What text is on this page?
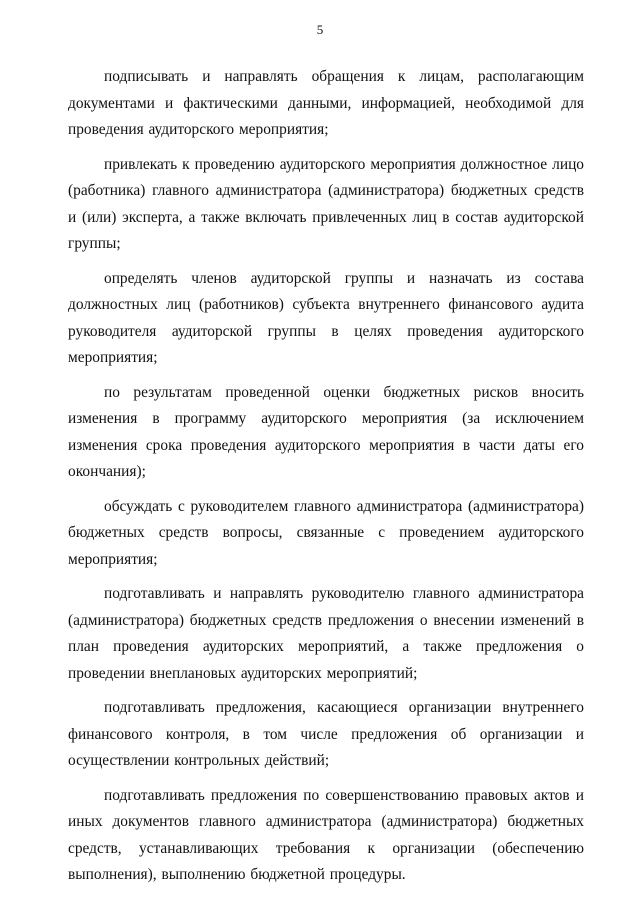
5

подписывать и направлять обращения к лицам, располагающим документами и фактическими данными, информацией, необходимой для проведения аудиторского мероприятия;

привлекать к проведению аудиторского мероприятия должностное лицо (работника) главного администратора (администратора) бюджетных средств и (или) эксперта, а также включать привлеченных лиц в состав аудиторской группы;

определять членов аудиторской группы и назначать из состава должностных лиц (работников) субъекта внутреннего финансового аудита руководителя аудиторской группы в целях проведения аудиторского мероприятия;

по результатам проведенной оценки бюджетных рисков вносить изменения в программу аудиторского мероприятия (за исключением изменения срока проведения аудиторского мероприятия в части даты его окончания);

обсуждать с руководителем главного администратора (администратора) бюджетных средств вопросы, связанные с проведением аудиторского мероприятия;

подготавливать и направлять руководителю главного администратора (администратора) бюджетных средств предложения о внесении изменений в план проведения аудиторских мероприятий, а также предложения о проведении внеплановых аудиторских мероприятий;

подготавливать предложения, касающиеся организации внутреннего финансового контроля, в том числе предложения об организации и осуществлении контрольных действий;

подготавливать предложения по совершенствованию правовых актов и иных документов главного администратора (администратора) бюджетных средств, устанавливающих требования к организации (обеспечению выполнения), выполнению бюджетной процедуры.
